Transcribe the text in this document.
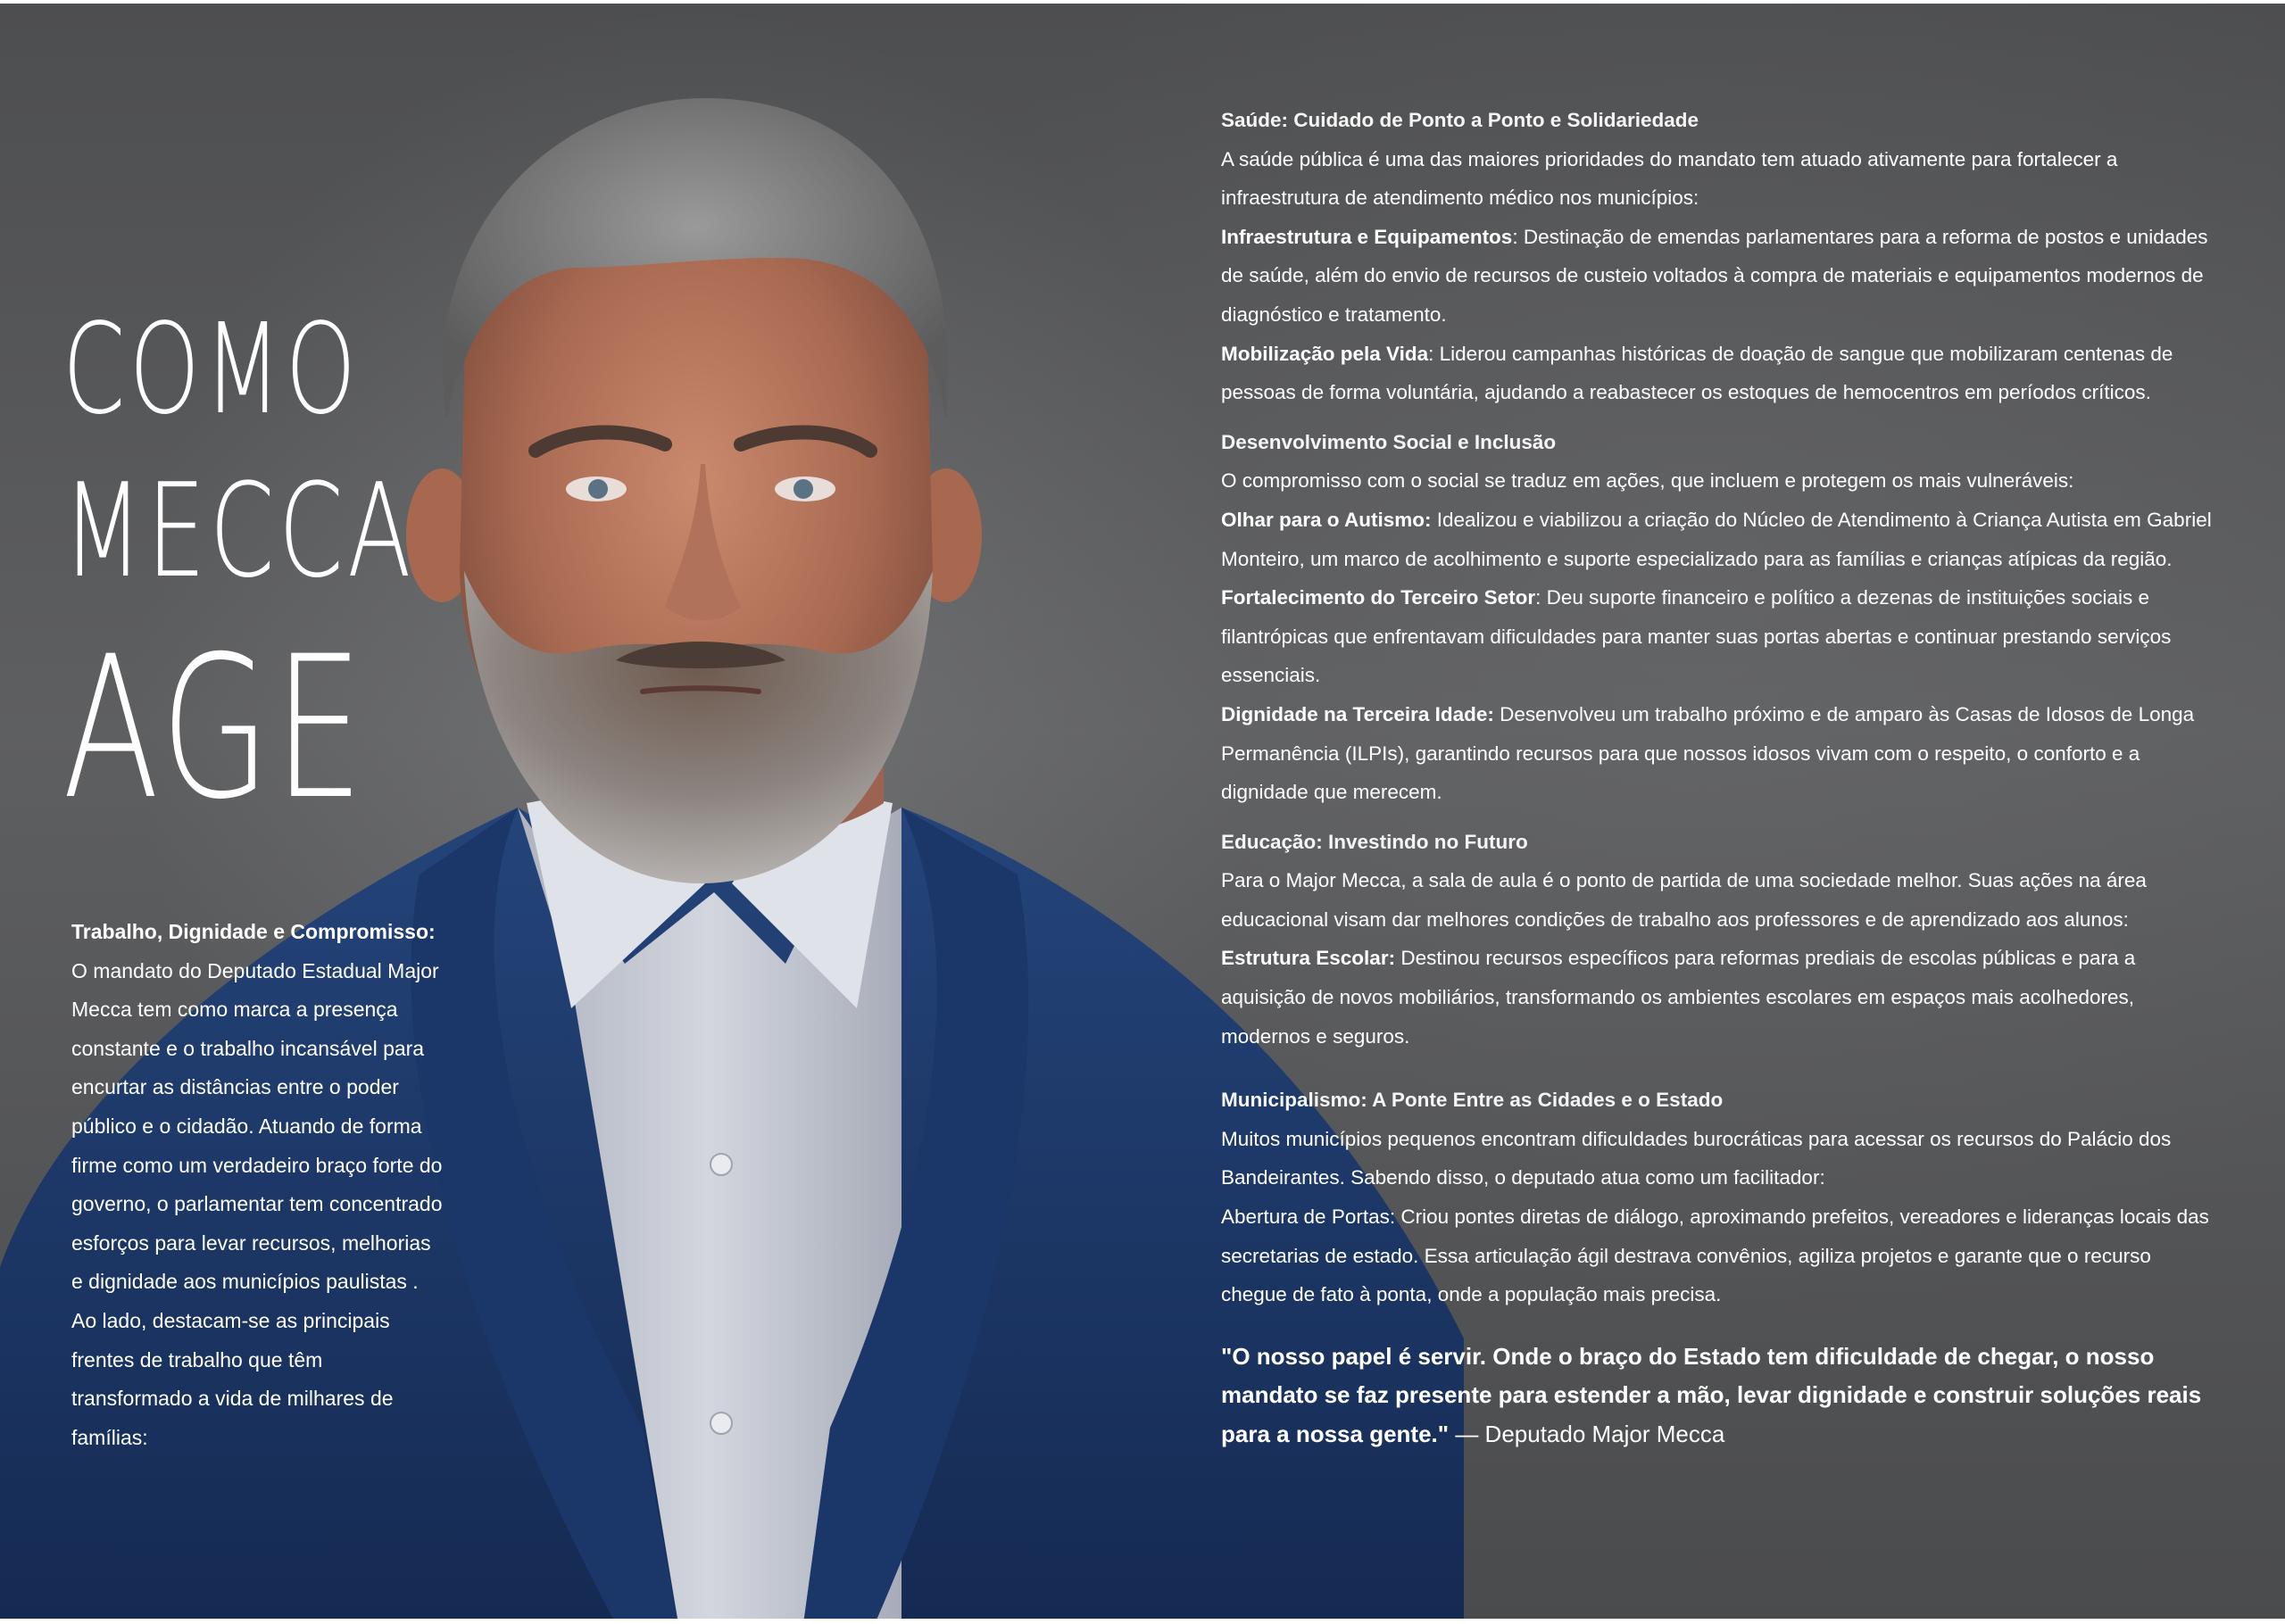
COMO
MECCA
AGE
Trabalho, Dignidade e Compromisso:
O mandato do Deputado Estadual Major Mecca tem como marca a presença constante e o trabalho incansável para encurtar as distâncias entre o poder público e o cidadão. Atuando de forma firme como um verdadeiro braço forte do governo, o parlamentar tem concentrado esforços para levar recursos, melhorias e dignidade aos municípios paulistas . Ao lado, destacam-se as principais frentes de trabalho que têm transformado a vida de milhares de famílias:
Saúde: Cuidado de Ponto a Ponto e Solidariedade
A saúde pública é uma das maiores prioridades do mandato tem atuado ativamente para fortalecer a infraestrutura de atendimento médico nos municípios:
Infraestrutura e Equipamentos: Destinação de emendas parlamentares para a reforma de postos e unidades de saúde, além do envio de recursos de custeio voltados à compra de materiais e equipamentos modernos de diagnóstico e tratamento.
Mobilização pela Vida: Liderou campanhas históricas de doação de sangue que mobilizaram centenas de pessoas de forma voluntária, ajudando a reabastecer os estoques de hemocentros em períodos críticos.
Desenvolvimento Social e Inclusão
O compromisso com o social se traduz em ações, que incluem e protegem os mais vulneráveis:
Olhar para o Autismo: Idealizou e viabilizou a criação do Núcleo de Atendimento à Criança Autista em Gabriel Monteiro, um marco de acolhimento e suporte especializado para as famílias e crianças atípicas da região.
Fortalecimento do Terceiro Setor: Deu suporte financeiro e político a dezenas de instituições sociais e filantrópicas que enfrentavam dificuldades para manter suas portas abertas e continuar prestando serviços essenciais.
Dignidade na Terceira Idade: Desenvolveu um trabalho próximo e de amparo às Casas de Idosos de Longa Permanência (ILPIs), garantindo recursos para que nossos idosos vivam com o respeito, o conforto e a dignidade que merecem.
Educação: Investindo no Futuro
Para o Major Mecca, a sala de aula é o ponto de partida de uma sociedade melhor. Suas ações na área educacional visam dar melhores condições de trabalho aos professores e de aprendizado aos alunos:
Estrutura Escolar: Destinou recursos específicos para reformas prediais de escolas públicas e para a aquisição de novos mobiliários, transformando os ambientes escolares em espaços mais acolhedores, modernos e seguros.
Municipalismo: A Ponte Entre as Cidades e o Estado
Muitos municípios pequenos encontram dificuldades burocráticas para acessar os recursos do Palácio dos Bandeirantes. Sabendo disso, o deputado atua como um facilitador:
Abertura de Portas: Criou pontes diretas de diálogo, aproximando prefeitos, vereadores e lideranças locais das secretarias de estado. Essa articulação ágil destrava convênios, agiliza projetos e garante que o recurso chegue de fato à ponta, onde a população mais precisa.
"O nosso papel é servir. Onde o braço do Estado tem dificuldade de chegar, o nosso mandato se faz presente para estender a mão, levar dignidade e construir soluções reais para a nossa gente." — Deputado Major Mecca
